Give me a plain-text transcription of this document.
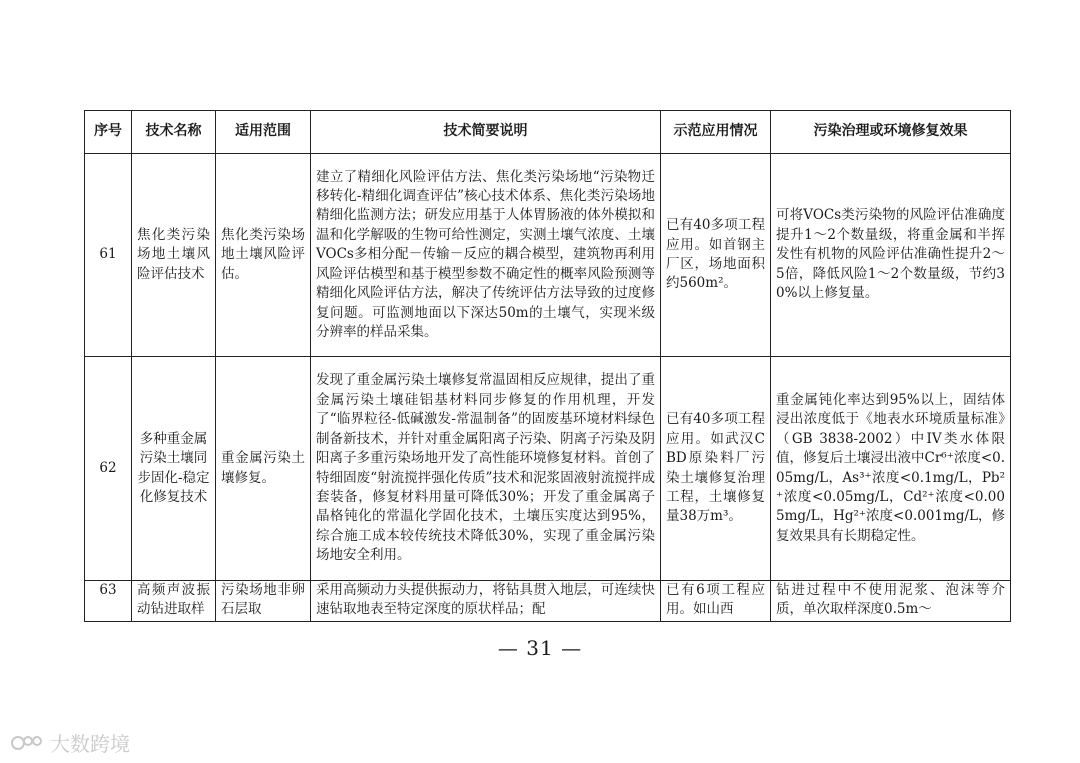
序号	技术名称	适用范围	技术简要说明	示范应用情况	污染治理或环境修复效果
61	焦化类污染场地土壤风险评估技术	焦化类污染场地土壤风险评估。	建立了精细化风险评估方法、焦化类污染场地“污染物迁移转化-精细化调查评估”核心技术体系、焦化类污染场地精细化监测方法；研发应用基于人体胃肠液的体外模拟和温和化学解吸的生物可给性测定，实测土壤气浓度、土壤VOCs多相分配－传输－反应的耦合模型，建筑物再利用风险评估模型和基于模型参数不确定性的概率风险预测等精细化风险评估方法，解决了传统评估方法导致的过度修复问题。可监测地面以下深达50m的土壤气，实现米级分辨率的样品采集。	已有40多项工程应用。如首钢主厂区，场地面积约560m²。	可将VOCs类污染物的风险评估准确度提升1～2个数量级，将重金属和半挥发性有机物的风险评估准确性提升2～5倍，降低风险1～2个数量级，节约30%以上修复量。
62	多种重金属污染土壤同步固化-稳定化修复技术	重金属污染土壤修复。	发现了重金属污染土壤修复常温固相反应规律，提出了重金属污染土壤硅铝基材料同步修复的作用机理，开发了“临界粒径-低碱激发-常温制备”的固废基环境材料绿色制备新技术，并针对重金属阳离子污染、阴离子污染及阴阳离子多重污染场地开发了高性能环境修复材料。首创了特细固废“射流搅拌强化传质”技术和泥浆固液射流搅拌成套装备，修复材料用量可降低30%；开发了重金属离子晶格钝化的常温化学固化技术，土壤压实度达到95%，综合施工成本较传统技术降低30%，实现了重金属污染场地安全利用。	已有40多项工程应用。如武汉CBD原染料厂污染土壤修复治理工程，土壤修复量38万m³。	重金属钝化率达到95%以上，固结体浸出浓度低于《地表水环境质量标准》（GB 3838-2002）中IV类水体限值，修复后土壤浸出液中Cr⁶⁺浓度<0.05mg/L，As³⁺浓度<0.1mg/L，Pb²⁺浓度<0.05mg/L，Cd²⁺浓度<0.005mg/L，Hg²⁺浓度<0.001mg/L，修复效果具有长期稳定性。

63	高频声波振动钻进取样	污染场地非卵石层取	采用高频动力头提供振动力，将钻具贯入地层，可连续快速钻取地表至特定深度的原状样品；配	已有6项工程应用。如山西	钻进过程中不使用泥浆、泡沫等介质，单次取样深度0.5m～
— 31 —
大数跨境
